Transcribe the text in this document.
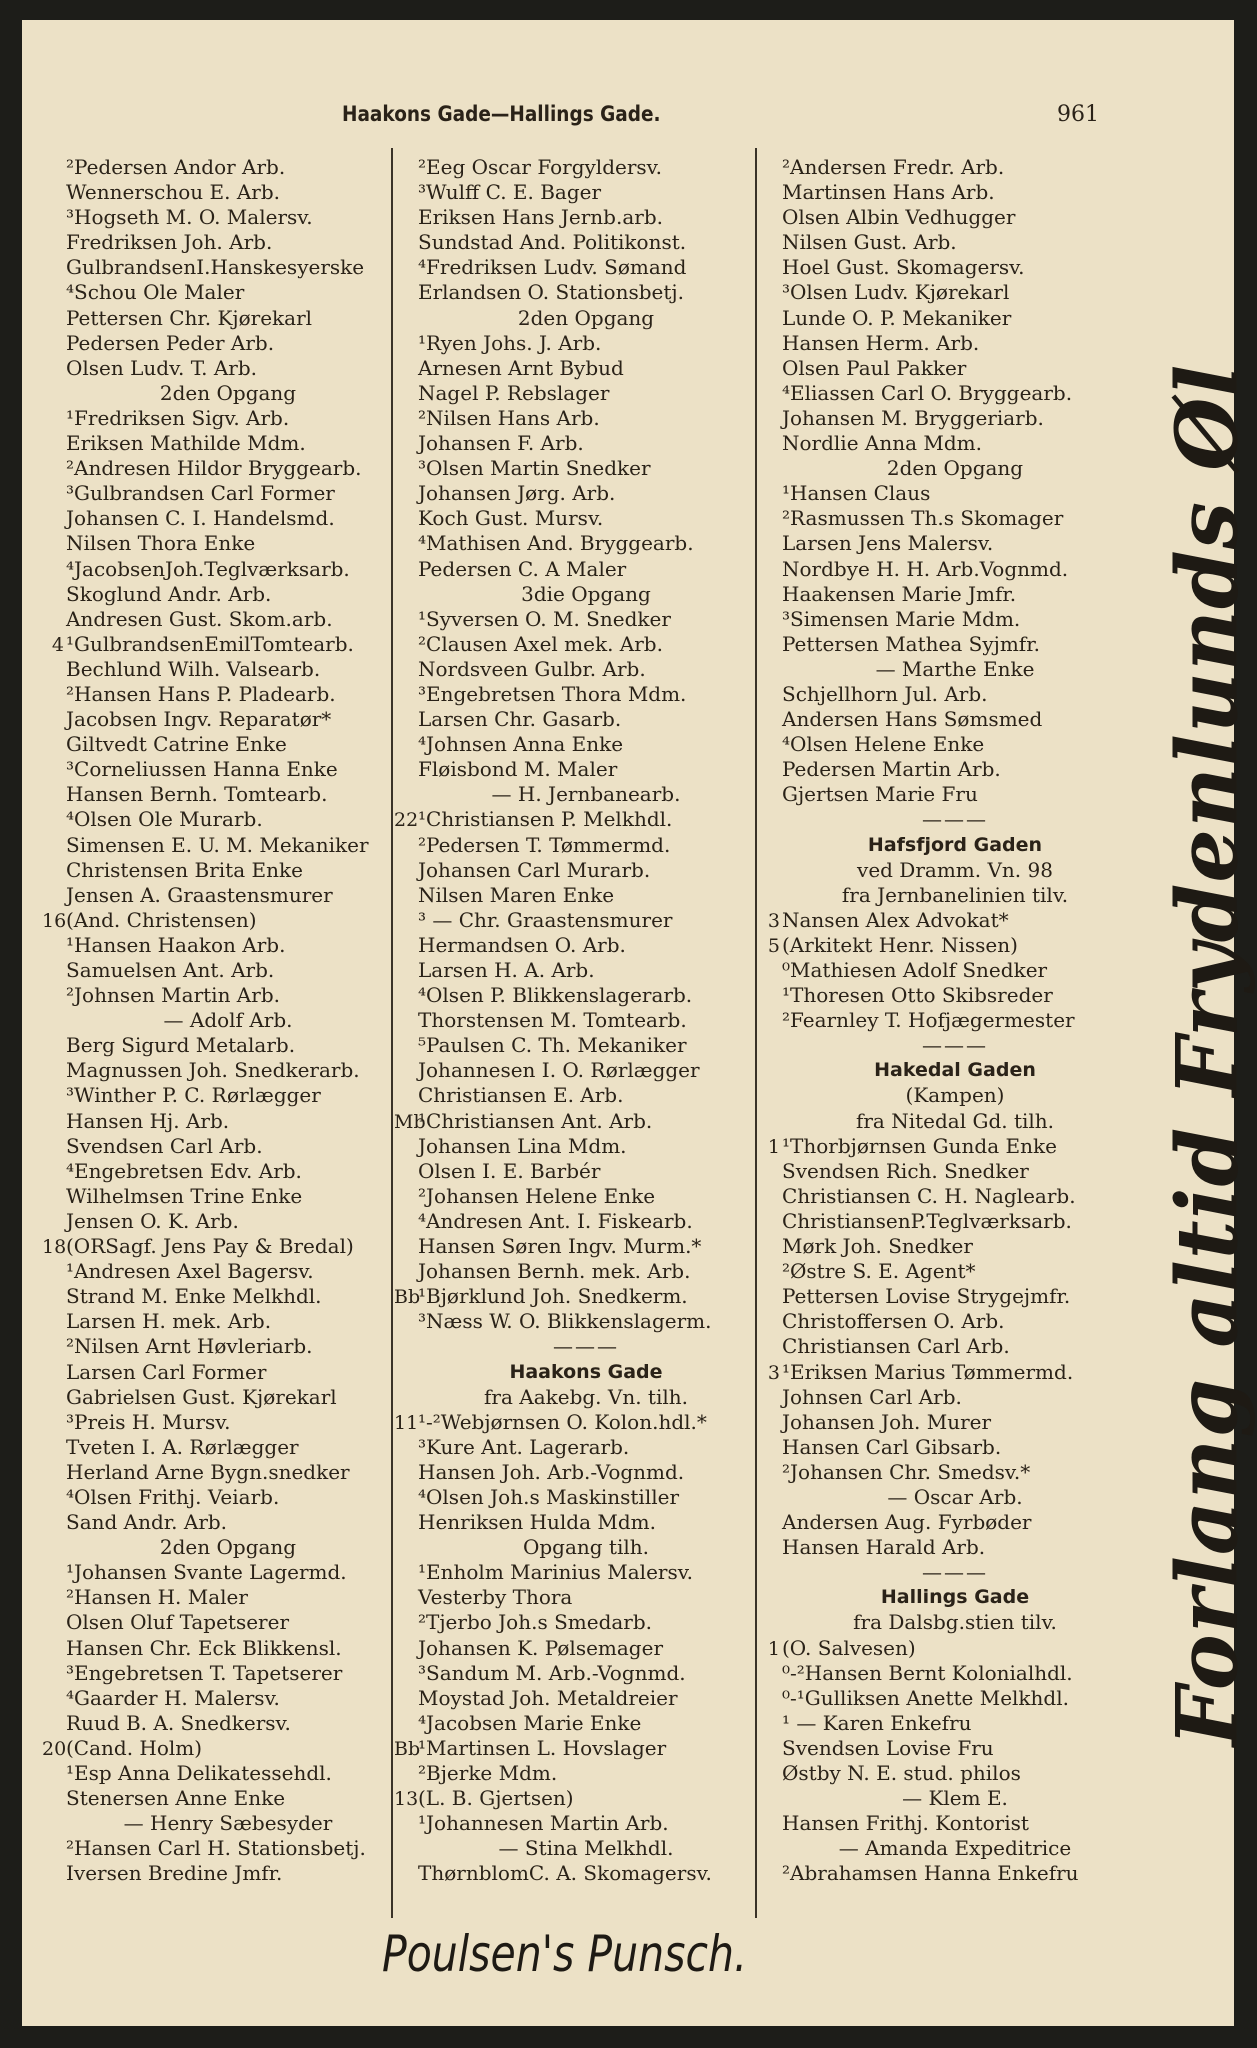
Haakons Gade—Hallings Gade.	961
²Pedersen Andor Arb.
Wennerschou E. Arb.
³Hogseth M. O. Malersv.
Fredriksen Joh. Arb.
GulbrandsenI.Hanskesyerske
⁴Schou Ole Maler
Pettersen Chr. Kjørekarl
Pedersen Peder Arb.
Olsen Ludv. T. Arb.
2den Opgang
¹Fredriksen Sigv. Arb.
Eriksen Mathilde Mdm.
²Andresen Hildor Bryggearb.
³Gulbrandsen Carl Former
Johansen C. I. Handelsmd.
Nilsen Thora Enke
⁴JacobsenJoh.Teglværksarb.
Skoglund Andr. Arb.
Andresen Gust. Skom.arb.
4 ¹GulbrandsenEmilTomtearb.
Bechlund Wilh. Valsearb.
²Hansen Hans P. Pladearb.
Jacobsen Ingv. Reparatør*
Giltvedt Catrine Enke
³Corneliussen Hanna Enke
Hansen Bernh. Tomtearb.
⁴Olsen Ole Murarb.
Simensen E. U. M. Mekaniker
Christensen Brita Enke
Jensen A. Graastensmurer
16(And. Christensen)
¹Hansen Haakon Arb.
Samuelsen Ant. Arb.
²Johnsen Martin Arb.
— Adolf Arb.
Berg Sigurd Metalarb.
Magnussen Joh. Snedkerarb.
³Winther P. C. Rørlægger
Hansen Hj. Arb.
Svendsen Carl Arb.
⁴Engebretsen Edv. Arb.
Wilhelmsen Trine Enke
Jensen O. K. Arb.
18(ORSagf. Jens Pay & Bredal)
¹Andresen Axel Bagersv.
Strand M. Enke Melkhdl.
Larsen H. mek. Arb.
²Nilsen Arnt Høvleriarb.
Larsen Carl Former
Gabrielsen Gust. Kjørekarl
³Preis H. Mursv.
Tveten I. A. Rørlægger
Herland Arne Bygn.snedker
⁴Olsen Frithj. Veiarb.
Sand Andr. Arb.
2den Opgang
¹Johansen Svante Lagermd.
²Hansen H. Maler
Olsen Oluf Tapetserer
Hansen Chr. Eck Blikkensl.
³Engebretsen T. Tapetserer
⁴Gaarder H. Malersv.
Ruud B. A. Snedkersv.
20(Cand. Holm)
¹Esp Anna Delikatessehdl.
Stenersen Anne Enke
— Henry Sæbesyder
²Hansen Carl H. Stationsbetj.
Iversen Bredine Jmfr.
²Eeg Oscar Forgyldersv.
³Wulff C. E. Bager
Eriksen Hans Jernb.arb.
Sundstad And. Politikonst.
⁴Fredriksen Ludv. Sømand
Erlandsen O. Stationsbetj.
2den Opgang
¹Ryen Johs. J. Arb.
Arnesen Arnt Bybud
Nagel P. Rebslager
²Nilsen Hans Arb.
Johansen F. Arb.
³Olsen Martin Snedker
Johansen Jørg. Arb.
Koch Gust. Mursv.
⁴Mathisen And. Bryggearb.
Pedersen C. A Maler
3die Opgang
¹Syversen O. M. Snedker
²Clausen Axel mek. Arb.
Nordsveen Gulbr. Arb.
³Engebretsen Thora Mdm.
Larsen Chr. Gasarb.
⁴Johnsen Anna Enke
Fløisbond M. Maler
— H. Jernbanearb.
22¹Christiansen P. Melkhdl.
²Pedersen T. Tømmermd.
Johansen Carl Murarb.
Nilsen Maren Enke
³ — Chr. Graastensmurer
Hermandsen O. Arb.
Larsen H. A. Arb.
⁴Olsen P. Blikkenslagerarb.
Thorstensen M. Tomtearb.
⁵Paulsen C. Th. Mekaniker
Johannesen I. O. Rørlægger
Christiansen E. Arb.
Mb¹Christiansen Ant. Arb.
Johansen Lina Mdm.
Olsen I. E. Barbér
²Johansen Helene Enke
⁴Andresen Ant. I. Fiskearb.
Hansen Søren Ingv. Murm.*
Johansen Bernh. mek. Arb.
Bb¹Bjørklund Joh. Snedkerm.
³Næss W. O. Blikkenslagerm.
———
Haakons Gade
fra Aakebg. Vn. tilh.
11¹-²Webjørnsen O. Kolon.hdl.*
³Kure Ant. Lagerarb.
Hansen Joh. Arb.-Vognmd.
⁴Olsen Joh.s Maskinstiller
Henriksen Hulda Mdm.
Opgang tilh.
¹Enholm Marinius Malersv.
Vesterby Thora
²Tjerbo Joh.s Smedarb.
Johansen K. Pølsemager
³Sandum M. Arb.-Vognmd.
Moystad Joh. Metaldreier
⁴Jacobsen Marie Enke
Bb¹Martinsen L. Hovslager
²Bjerke Mdm.
13(L. B. Gjertsen)
¹Johannesen Martin Arb.
— Stina Melkhdl.
ThørnblomC. A. Skomagersv.
²Andersen Fredr. Arb.
Martinsen Hans Arb.
Olsen Albin Vedhugger
Nilsen Gust. Arb.
Hoel Gust. Skomagersv.
³Olsen Ludv. Kjørekarl
Lunde O. P. Mekaniker
Hansen Herm. Arb.
Olsen Paul Pakker
⁴Eliassen Carl O. Bryggearb.
Johansen M. Bryggeriarb.
Nordlie Anna Mdm.
2den Opgang
¹Hansen Claus
²Rasmussen Th.s Skomager
Larsen Jens Malersv.
Nordbye H. H. Arb.Vognmd.
Haakensen Marie Jmfr.
³Simensen Marie Mdm.
Pettersen Mathea Syjmfr.
— Marthe Enke
Schjellhorn Jul. Arb.
Andersen Hans Sømsmed
⁴Olsen Helene Enke
Pedersen Martin Arb.
Gjertsen Marie Fru
———
Hafsfjord Gaden
ved Dramm. Vn. 98
fra Jernbanelinien tilv.
3 Nansen Alex Advokat*
5 (Arkitekt Henr. Nissen)
⁰Mathiesen Adolf Snedker
¹Thoresen Otto Skibsreder
²Fearnley T. Hofjægermester
———
Hakedal Gaden
(Kampen)
fra Nitedal Gd. tilh.
1 ¹Thorbjørnsen Gunda Enke
Svendsen Rich. Snedker
Christiansen C. H. Naglearb.
ChristiansenP.Teglværksarb.
Mørk Joh. Snedker
²Østre S. E. Agent*
Pettersen Lovise Strygejmfr.
Christoffersen O. Arb.
Christiansen Carl Arb.
3 ¹Eriksen Marius Tømmermd.
Johnsen Carl Arb.
Johansen Joh. Murer
Hansen Carl Gibsarb.
²Johansen Chr. Smedsv.*
— Oscar Arb.
Andersen Aug. Fyrbøder
Hansen Harald Arb.
———
Hallings Gade
fra Dalsbg.stien tilv.
1 (O. Salvesen)
⁰-²Hansen Bernt Kolonialhdl.
⁰-¹Gulliksen Anette Melkhdl.
¹ — Karen Enkefru
Svendsen Lovise Fru
Østby N. E. stud. philos
— Klem E.
Hansen Frithj. Kontorist
— Amanda Expeditrice
²Abrahamsen Hanna Enkefru
Forlang altid Frydenlunds Øl
Poulsen's Punsch.
